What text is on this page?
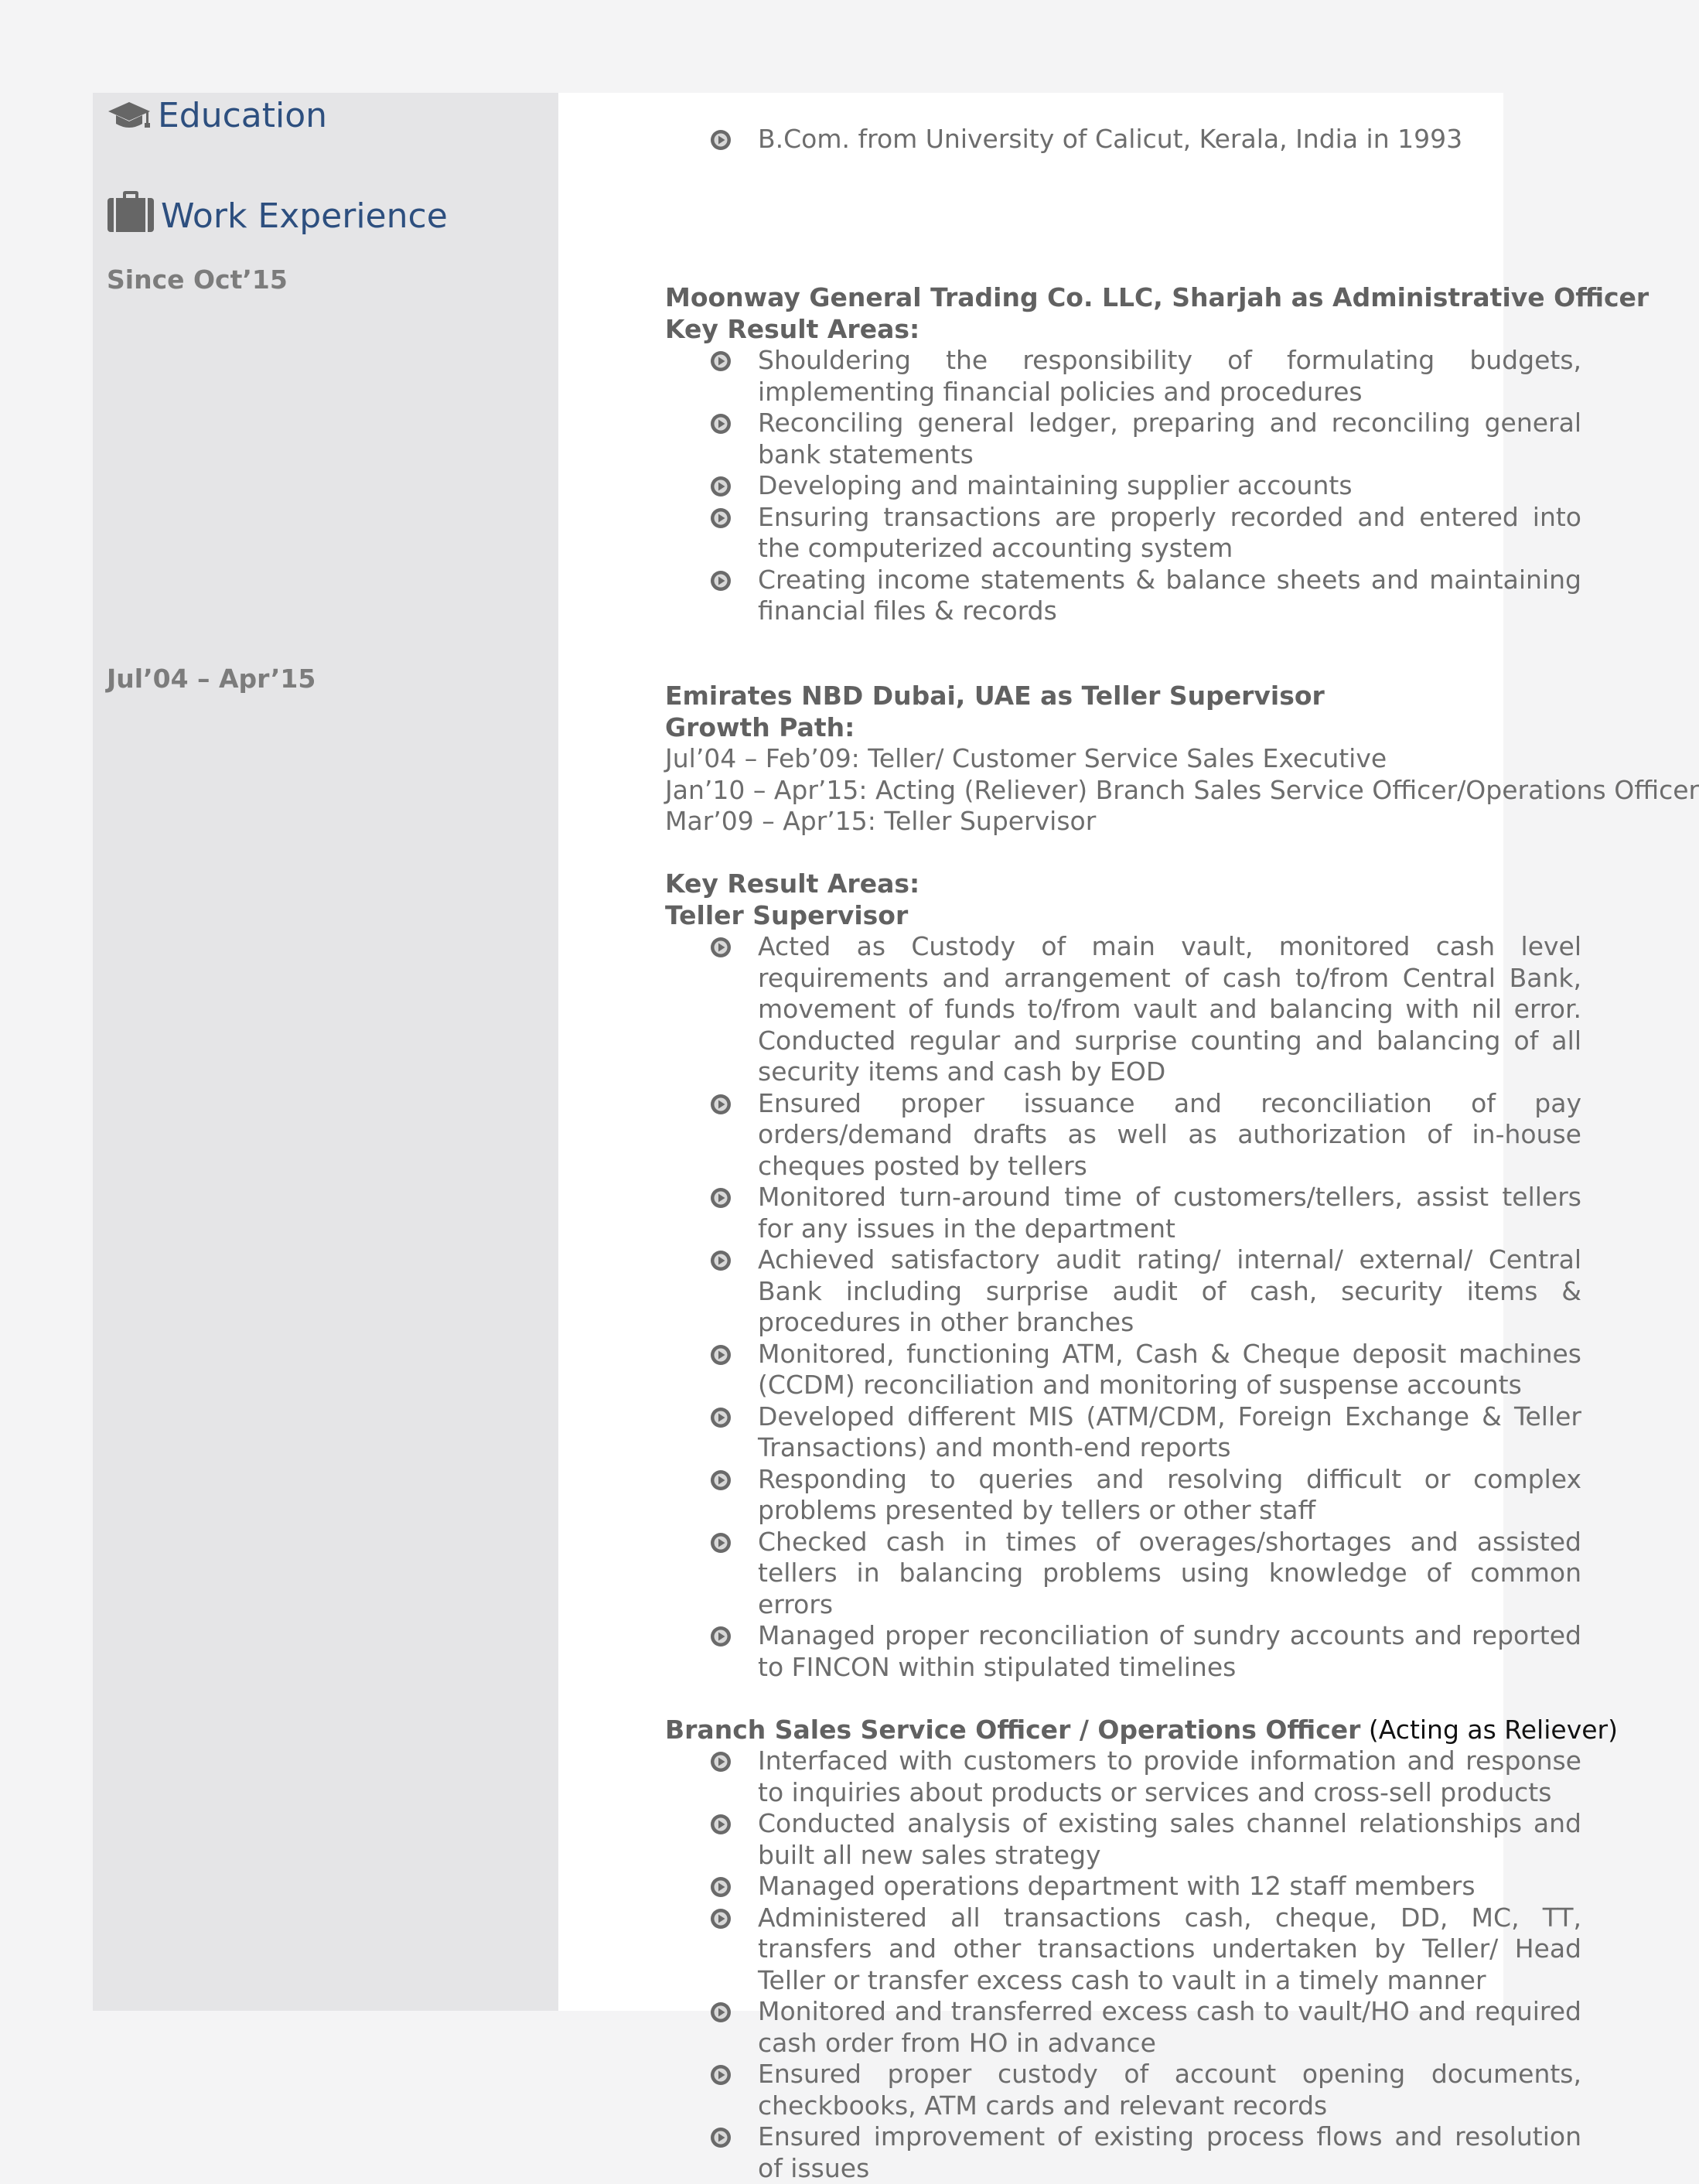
Education
Work Experience
Since Oct’15
Jul’04 – Apr’15
B.Com. from University of Calicut, Kerala, India in 1993
Moonway General Trading Co. LLC, Sharjah as Administrative Officer
Key Result Areas:
Shouldering the responsibility of formulating budgets, implementing financial policies and procedures
Reconciling general ledger, preparing and reconciling general bank statements
Developing and maintaining supplier accounts
Ensuring transactions are properly recorded and entered into the computerized accounting system
Creating income statements & balance sheets and maintaining financial files & records
Emirates NBD Dubai, UAE as Teller Supervisor
Growth Path:
Jul’04 – Feb’09: Teller/ Customer Service Sales Executive
Jan’10 – Apr’15: Acting (Reliever) Branch Sales Service Officer/Operations Officer
Mar’09 – Apr’15: Teller Supervisor
Key Result Areas:
Teller Supervisor
Acted as Custody of main vault, monitored cash level requirements and arrangement of cash to/from Central Bank, movement of funds to/from vault and balancing with nil error. Conducted regular and surprise counting and balancing of all security items and cash by EOD
Ensured proper issuance and reconciliation of pay orders/demand drafts as well as authorization of in-house cheques posted by tellers
Monitored turn-around time of customers/tellers, assist tellers for any issues in the department
Achieved satisfactory audit rating/ internal/ external/ Central Bank including surprise audit of cash, security items & procedures in other branches
Monitored, functioning ATM, Cash & Cheque deposit machines (CCDM) reconciliation and monitoring of suspense accounts
Developed different MIS (ATM/CDM, Foreign Exchange & Teller Transactions) and month-end reports
Responding to queries and resolving difficult or complex problems presented by tellers or other staff
Checked cash in times of overages/shortages and assisted tellers in balancing problems using knowledge of common errors
Managed proper reconciliation of sundry accounts and reported to FINCON within stipulated timelines
Branch Sales Service Officer / Operations Officer (Acting as Reliever)
Interfaced with customers to provide information and response to inquiries about products or services and cross-sell products
Conducted analysis of existing sales channel relationships and built all new sales strategy
Managed operations department with 12 staff members
Administered all transactions cash, cheque, DD, MC, TT, transfers and other transactions undertaken by Teller/ Head Teller or transfer excess cash to vault in a timely manner
Monitored and transferred excess cash to vault/HO and required cash order from HO in advance
Ensured proper custody of account opening documents, checkbooks, ATM cards and relevant records
Ensured improvement of existing process flows and resolution of issues
